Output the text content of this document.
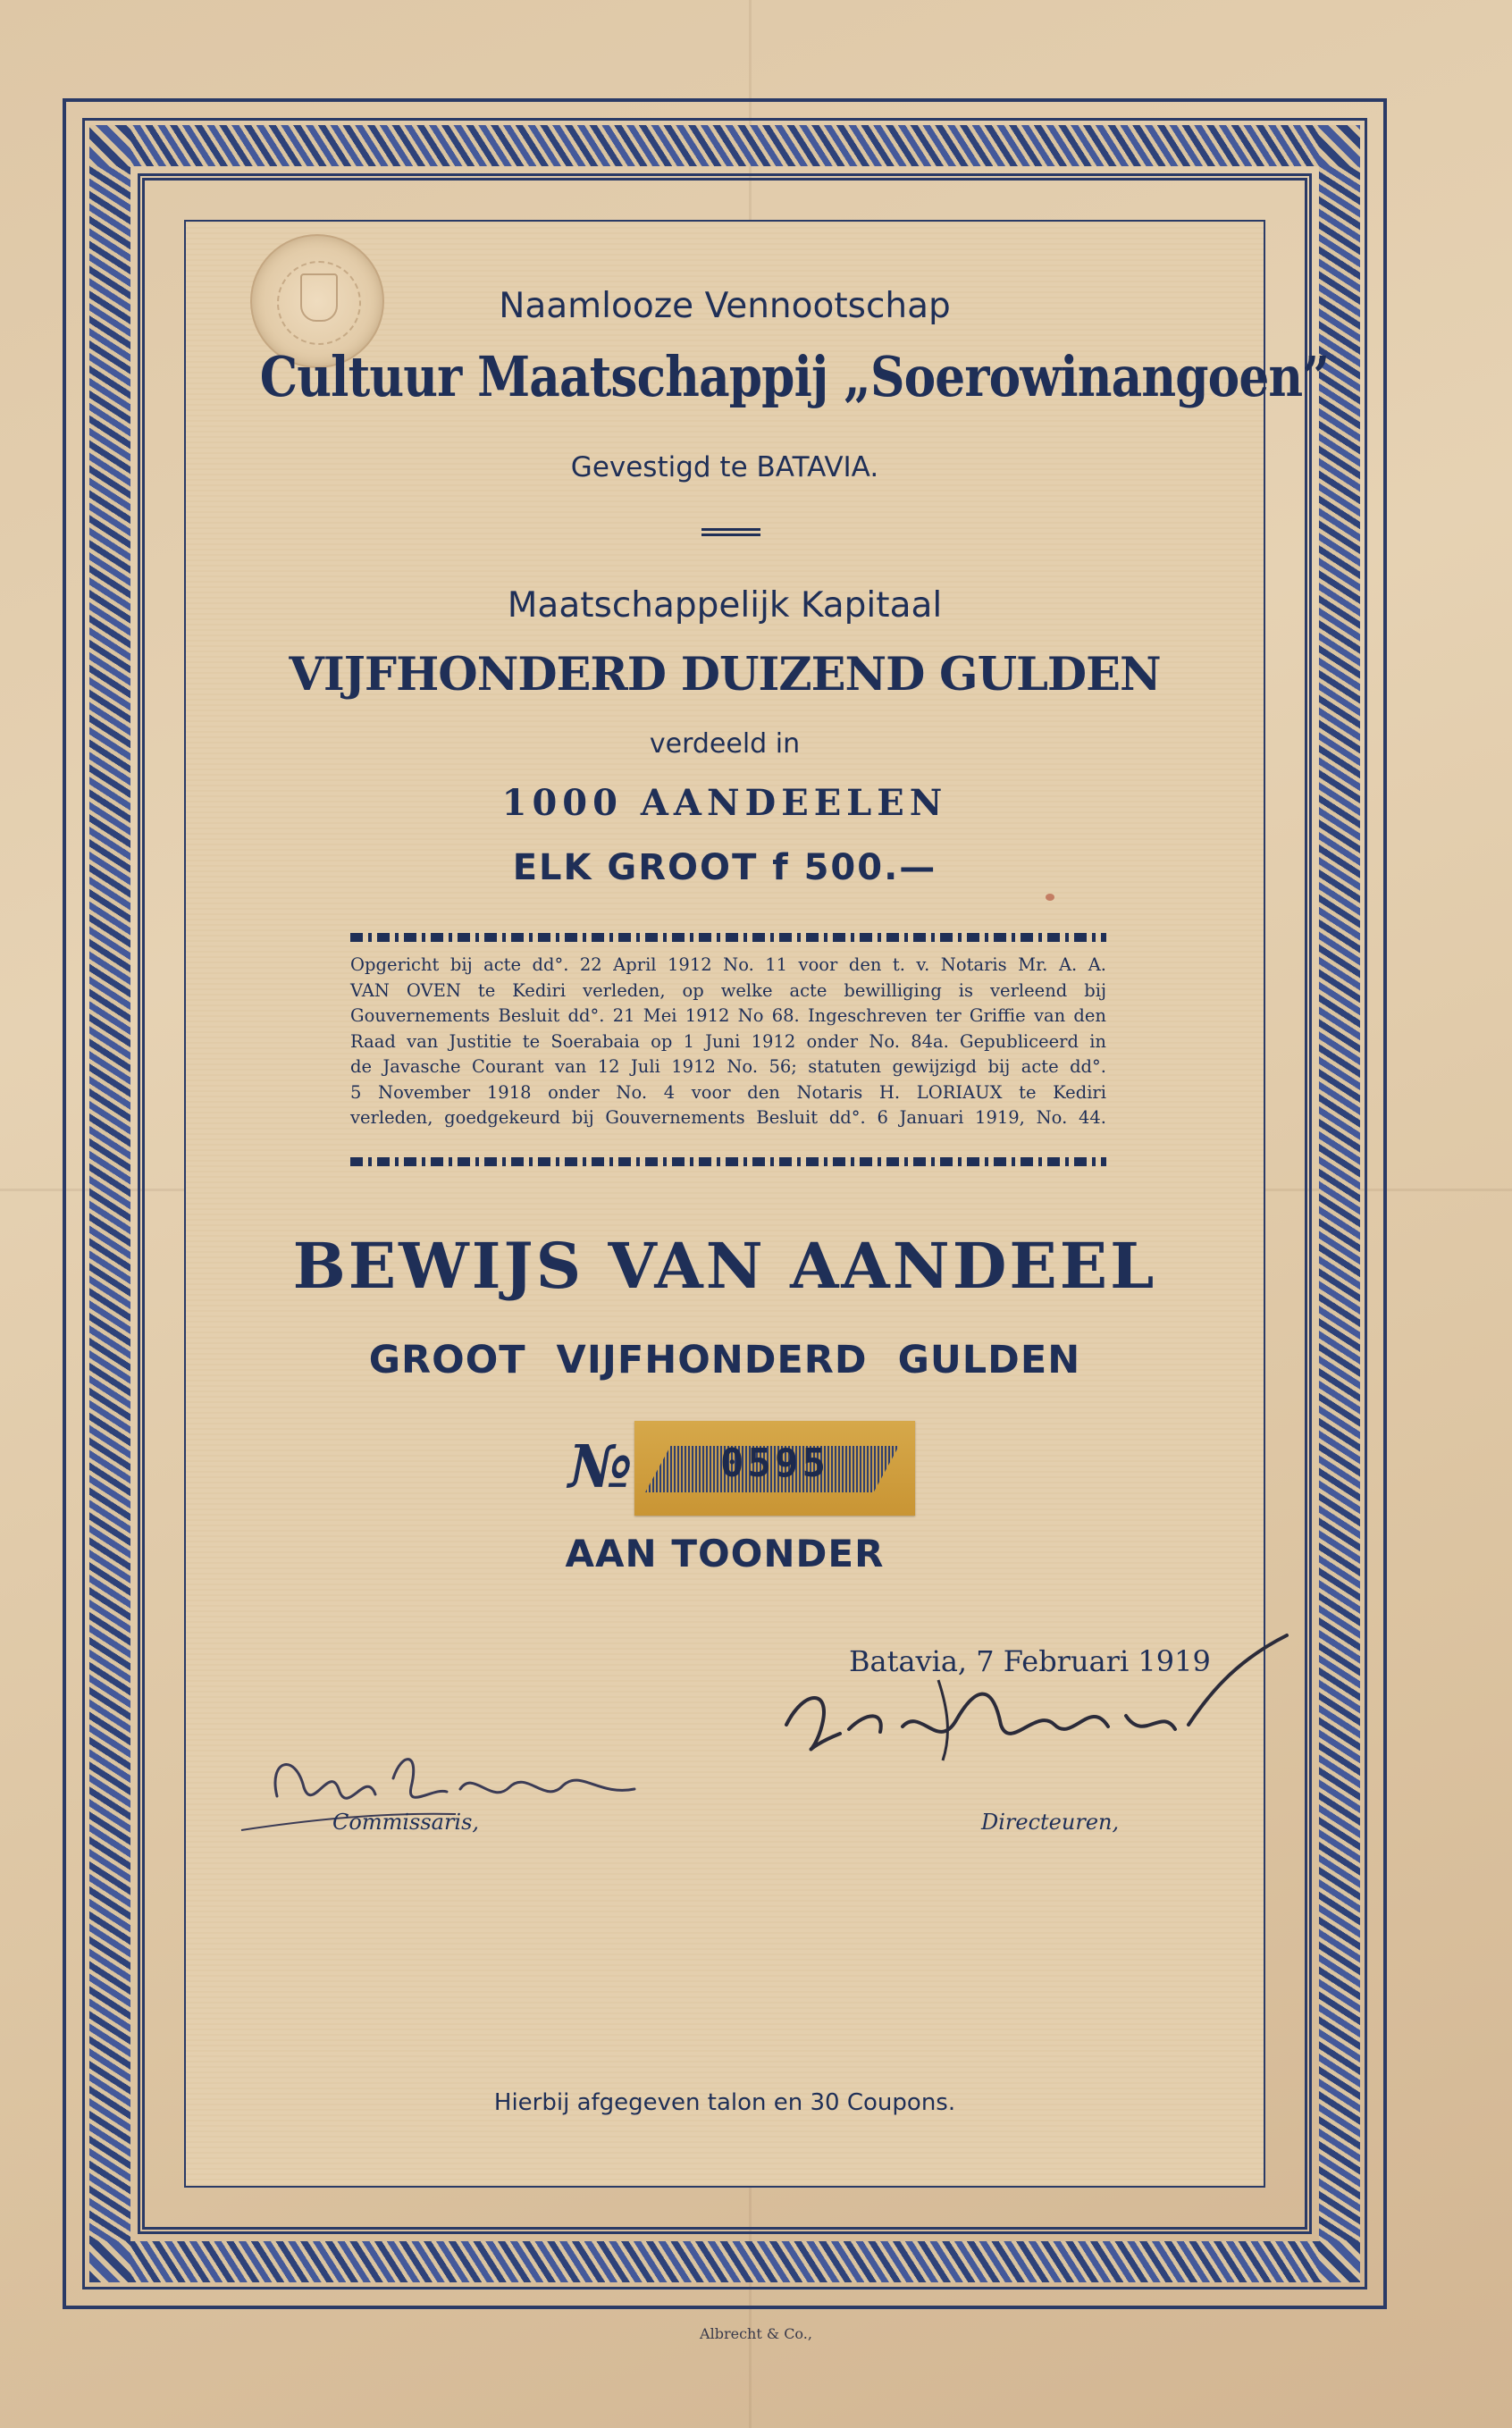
Naamlooze Vennootschap

Cultuur Maatschappij „Soerowinangoen”

Gevestigd te BATAVIA.

Maatschappelijk Kapitaal

VIJFHONDERD DUIZEND GULDEN

verdeeld in

1000 AANDEELEN

ELK GROOT f 500.—

Opgericht bij acte dd°. 22 April 1912 No. 11 voor den t. v. Notaris Mr. A. A.
VAN OVEN te Kediri verleden, op welke acte bewilliging is verleend bij
Gouvernements Besluit dd°. 21 Mei 1912 No 68. Ingeschreven ter Griffie van den
Raad van Justitie te Soerabaia op 1 Juni 1912 onder No. 84a. Gepubliceerd in
de Javasche Courant van 12 Juli 1912 No. 56; statuten gewijzigd bij acte dd°.
5 November 1918 onder No. 4 voor den Notaris H. LORIAUX te Kediri
verleden, goedgekeurd bij Gouvernements Besluit dd°. 6 Januari 1919, No. 44.

BEWIJS VAN AANDEEL

GROOT VIJFHONDERD GULDEN

№	0595

AAN TOONDER

Batavia, 7 Februari 1919

Commissaris,	Directeuren,

Hierbij afgegeven talon en 30 Coupons.

Albrecht & Co.,
